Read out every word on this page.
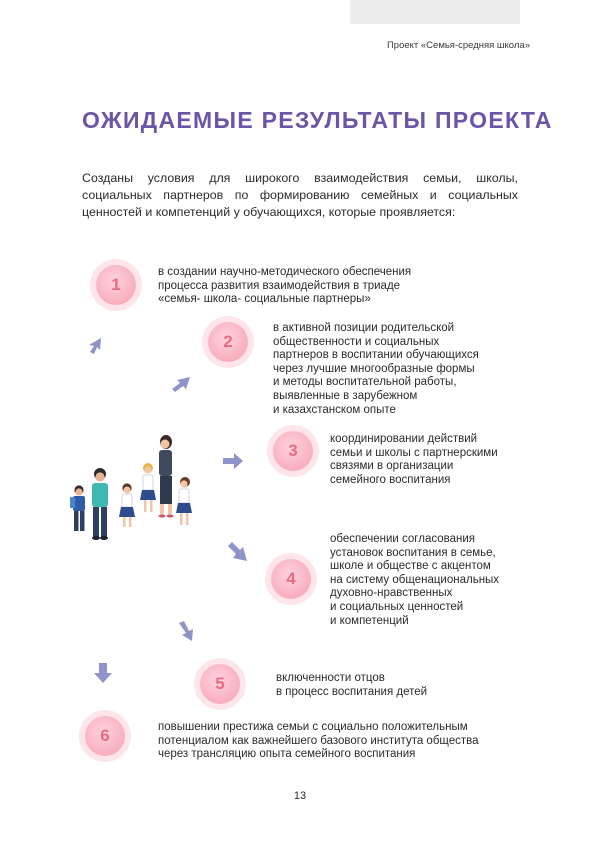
Проект «Семья-средняя школа»
ОЖИДАЕМЫЕ РЕЗУЛЬТАТЫ ПРОЕКТА
Созданы условия для широкого взаимодействия семьи, школы, социальных партнеров по формированию семейных и социальных ценностей и компетенций у обучающихся, которые проявляется:
1
в создании научно-методического обеспечения
процесса развития взаимодействия в триаде
«семья- школа- социальные партнеры»
2
в активной позиции родительской
общественности и социальных
партнеров в воспитании обучающихся
через лучшие многообразные формы
и методы воспитательной работы,
выявленные в зарубежном
и казахстанском опыте
3
координировании действий
семьи и школы с партнерскими
связями в организации
семейного воспитания
4
обеспечении согласования
установок воспитания в семье,
школе и обществе с акцентом
на систему общенациональных
духовно-нравственных
и социальных ценностей
и компетенций
5	включенности отцов
в процесс воспитания детей
6	повышении престижа семьи с социально положительным
потенциалом как важнейшего базового института общества
через трансляцию опыта семейного воспитания
13
